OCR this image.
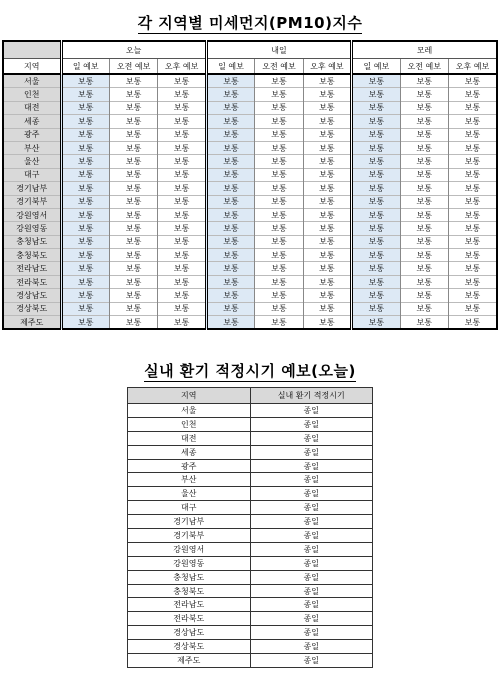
각 지역별 미세먼지(PM10)지수
	오늘			내일			모레		
지역	일 예보	오전 예보	오후 예보	일 예보	오전 예보	오후 예보	일 예보	오전 예보	오후 예보
서울	보통	보통	보통	보통	보통	보통	보통	보통	보통
인천	보통	보통	보통	보통	보통	보통	보통	보통	보통
대전	보통	보통	보통	보통	보통	보통	보통	보통	보통
세종	보통	보통	보통	보통	보통	보통	보통	보통	보통
광주	보통	보통	보통	보통	보통	보통	보통	보통	보통
부산	보통	보통	보통	보통	보통	보통	보통	보통	보통
울산	보통	보통	보통	보통	보통	보통	보통	보통	보통
대구	보통	보통	보통	보통	보통	보통	보통	보통	보통
경기남부	보통	보통	보통	보통	보통	보통	보통	보통	보통
경기북부	보통	보통	보통	보통	보통	보통	보통	보통	보통
강원영서	보통	보통	보통	보통	보통	보통	보통	보통	보통
강원영동	보통	보통	보통	보통	보통	보통	보통	보통	보통
충청남도	보통	보통	보통	보통	보통	보통	보통	보통	보통
충청북도	보통	보통	보통	보통	보통	보통	보통	보통	보통
전라남도	보통	보통	보통	보통	보통	보통	보통	보통	보통
전라북도	보통	보통	보통	보통	보통	보통	보통	보통	보통
경상남도	보통	보통	보통	보통	보통	보통	보통	보통	보통
경상북도	보통	보통	보통	보통	보통	보통	보통	보통	보통
제주도	보통	보통	보통	보통	보통	보통	보통	보통	보통
실내 환기 적정시기 예보(오늘)
지역	실내 환기 적정시기
서울	종일
인천	종일
대전	종일
세종	종일
광주	종일
부산	종일
울산	종일
대구	종일
경기남부	종일
경기북부	종일
강원영서	종일
강원영동	종일
충청남도	종일
충청북도	종일
전라남도	종일
전라북도	종일
경상남도	종일
경상북도	종일
제주도	종일
